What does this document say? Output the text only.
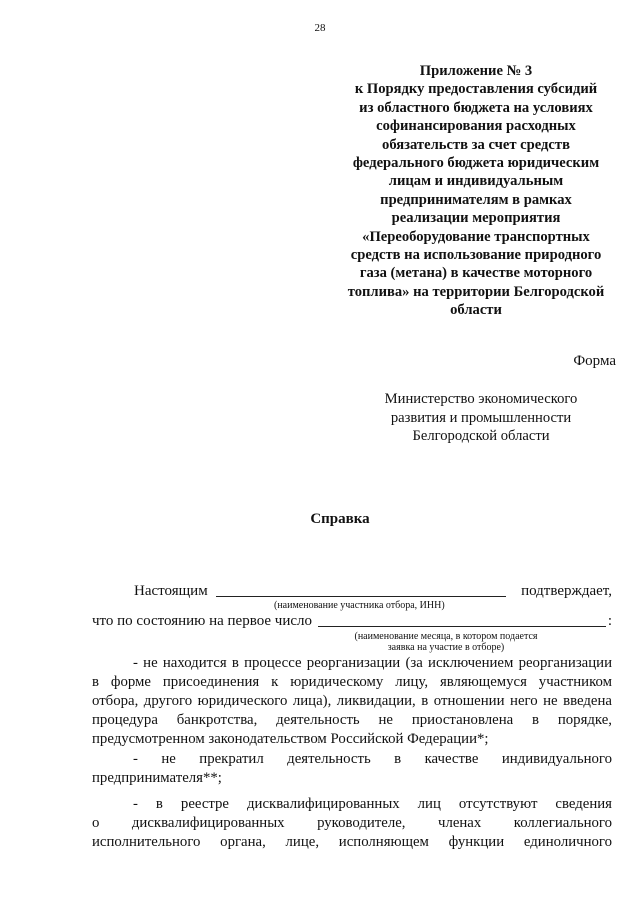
28
Приложение № 3
к Порядку предоставления субсидий
из областного бюджета на условиях
софинансирования расходных
обязательств за счет средств
федерального бюджета юридическим
лицам и индивидуальным
предпринимателям в рамках
реализации мероприятия
«Переоборудование транспортных
средств на использование природного
газа (метана) в качестве моторного
топлива» на территории Белгородской
области
Форма
Министерство экономического
развития и промышленности
Белгородской области
Справка
Настоящим	подтверждает,
(наименование участника отбора, ИНН)
что по состоянию на первое число	:
(наименование месяца, в котором подается
заявка на участие в отборе)
- не находится в процессе реорганизации (за исключением реорганизации
в форме присоединения к юридическому лицу, являющемуся участником
отбора, другого юридического лица), ликвидации, в отношении него не введена
процедура банкротства, деятельность не приостановлена в порядке,
предусмотренном законодательством Российской Федерации*;
- не прекратил деятельность в качестве индивидуального
предпринимателя**;
- в реестре дисквалифицированных лиц отсутствуют сведения
о дисквалифицированных руководителе, членах коллегиального
исполнительного органа, лице, исполняющем функции единоличного
